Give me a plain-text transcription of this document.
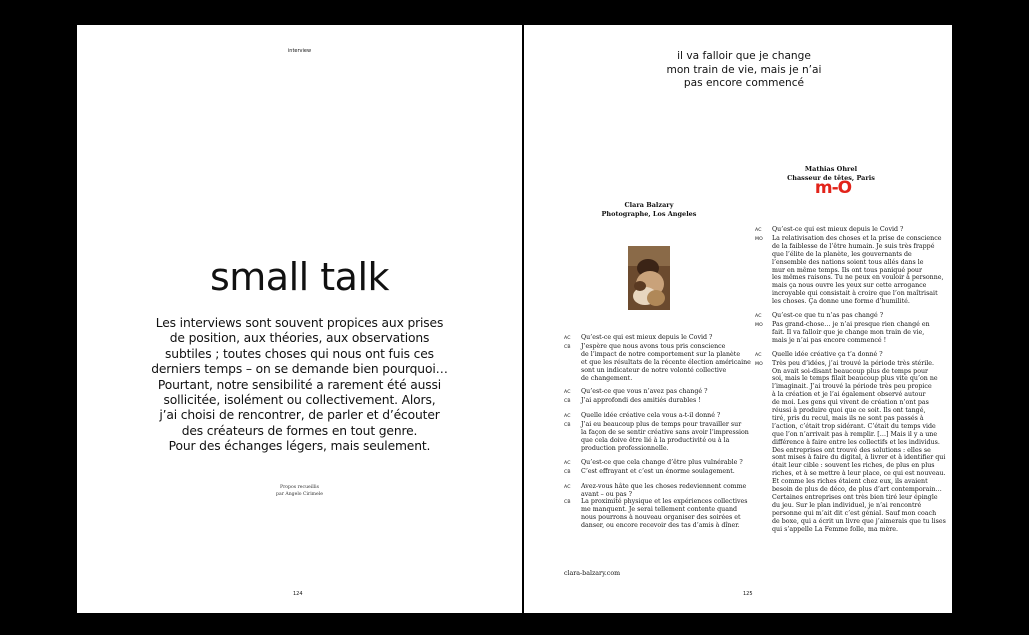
interview
small talk
Les interviews sont souvent propices aux prises
de position, aux théories, aux observations
subtiles ; toutes choses qui nous ont fuis ces
derniers temps – on se demande bien pourquoi…
Pourtant, notre sensibilité a rarement été aussi
sollicitée, isolément ou collectivement. Alors,
j’ai choisi de rencontrer, de parler et d’écouter
des créateurs de formes en tout genre.
Pour des échanges légers, mais seulement.
Propos recueillis
par Angelo Cirimele
124
il va falloir que je change
mon train de vie, mais je n’ai
pas encore commencé
Mathias Ohrel
Chasseur de têtes, Paris
m-O
Clara Balzary
Photographe, Los Angeles
AC	Qu’est-ce qui est mieux depuis le Covid ?
CB	J’espère que nous avons tous pris conscience
de l’impact de notre comportement sur la planète
et que les résultats de la récente élection américaine
sont un indicateur de notre volonté collective
de changement.
AC	Qu’est-ce que vous n’avez pas changé ?
CB	J’ai approfondi des amitiés durables !
AC	Quelle idée créative cela vous a-t-il donné ?
CB	J’ai eu beaucoup plus de temps pour travailler sur
la façon de se sentir créative sans avoir l’impression
que cela doive être lié à la productivité ou à la
production professionnelle.
AC	Qu’est-ce que cela change d’être plus vulnérable ?
CB	C’est effrayant et c’est un énorme soulagement.
AC	Avez-vous hâte que les choses redeviennent comme
avant – ou pas ?
CB	La proximité physique et les expériences collectives
me manquent. Je serai tellement contente quand
nous pourrons à nouveau organiser des soirées et
danser, ou encore recevoir des tas d’amis à dîner.
clara-balzary.com
AC	Qu’est-ce qui est mieux depuis le Covid ?
MO	La relativisation des choses et la prise de conscience
de la faiblesse de l’être humain. Je suis très frappé
que l’élite de la planète, les gouvernants de
l’ensemble des nations soient tous allés dans le
mur en même temps. Ils ont tous paniqué pour
les mêmes raisons. Tu ne peux en vouloir à personne,
mais ça nous ouvre les yeux sur cette arrogance
incroyable qui consistait à croire que l’on maîtrisait
les choses. Ça donne une forme d’humilité.
AC	Qu’est-ce que tu n’as pas changé ?
MO	Pas grand-chose… je n’ai presque rien changé en
fait. Il va falloir que je change mon train de vie,
mais je n’ai pas encore commencé !
AC	Quelle idée créative ça t’a donné ?
MO	Très peu d’idées, j’ai trouvé la période très stérile.
On avait soi-disant beaucoup plus de temps pour
soi, mais le temps filait beaucoup plus vite qu’on ne
l’imaginait. J’ai trouvé la période très peu propice
à la création et je l’ai également observé autour
de moi. Les gens qui vivent de création n’ont pas
réussi à produire quoi que ce soit. Ils ont tangé,
tiré, pris du recul, mais ils ne sont pas passés à
l’action, c’était trop sidérant. C’était du temps vide
que l’on n’arrivait pas à remplir. […] Mais il y a une
différence à faire entre les collectifs et les individus.
Des entreprises ont trouvé des solutions : elles se
sont mises à faire du digital, à livrer et à identifier qui
était leur cible : souvent les riches, de plus en plus
riches, et à se mettre à leur place, ce qui est nouveau.
Et comme les riches étaient chez eux, ils avaient
besoin de plus de déco, de plus d’art contemporain…
Certaines entreprises ont très bien tiré leur épingle
du jeu. Sur le plan individuel, je n’ai rencontré
personne qui m’ait dit c’est génial. Sauf mon coach
de boxe, qui a écrit un livre que j’aimerais que tu lises
qui s’appelle La Femme folle, ma mère.
125
